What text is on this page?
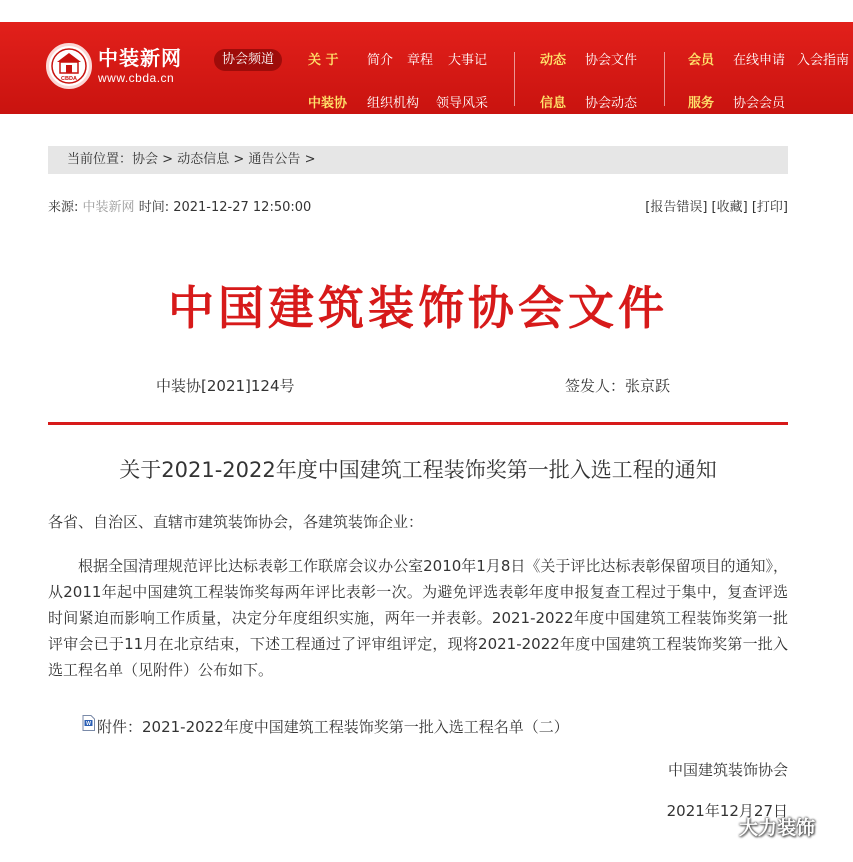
CBDA
中装新网
www.cbda.cn
协会频道	关 于
中装协
简介 章程 大事记
组织机构 领导风采
动态
信息
协会文件
协会动态
会员
服务
在线申请 入会指南
协会会员
当前位置：协会 > 动态信息 > 通告公告 >
来源: 中装新网 时间: 2021-12-27 12:50:00	[报告错误] [收藏] [打印]
中国建筑装饰协会文件
中装协[2021]124号	签发人：张京跃
关于2021-2022年度中国建筑工程装饰奖第一批入选工程的通知
各省、自治区、直辖市建筑装饰协会，各建筑装饰企业：
根据全国清理规范评比达标表彰工作联席会议办公室2010年1月8日《关于评比达标表彰保留项目的通知》，从2011年起中国建筑工程装饰奖每两年评比表彰一次。为避免评选表彰年度申报复查工程过于集中，复查评选时间紧迫而影响工作质量，决定分年度组织实施，两年一并表彰。2021-2022年度中国建筑工程装饰奖第一批评审会已于11月在北京结束，下述工程通过了评审组评定，现将2021-2022年度中国建筑工程装饰奖第一批入选工程名单（见附件）公布如下。
W 附件：2021-2022年度中国建筑工程装饰奖第一批入选工程名单（二）
中国建筑装饰协会
2021年12月27日
大力装饰
